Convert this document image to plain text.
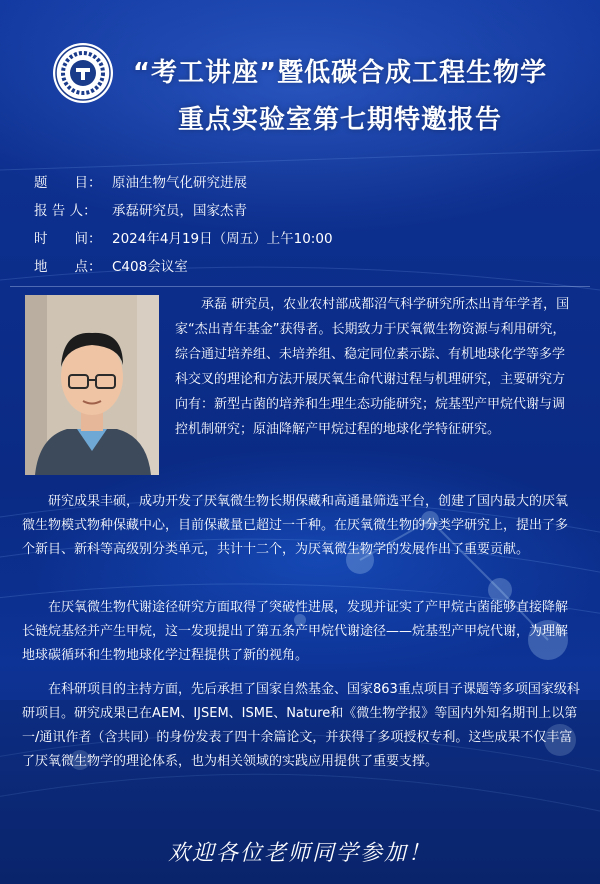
“考工讲座”暨低碳合成工程生物学
重点实验室第七期特邀报告
题　　目： 原油生物气化研究进展
报 告 人： 承磊研究员，国家杰青
时　　间： 2024年4月19日（周五）上午10:00
地　　点： C408会议室

　　承磊 研究员，农业农村部成都沼气科学研究所杰出青年学者，国家“杰出青年基金”获得者。长期致力于厌氧微生物资源与利用研究，综合通过培养组、未培养组、稳定同位素示踪、有机地球化学等多学科交叉的理论和方法开展厌氧生命代谢过程与机理研究，主要研究方向有：新型古菌的培养和生理生态功能研究；烷基型产甲烷代谢与调控机制研究；原油降解产甲烷过程的地球化学特征研究。

　　研究成果丰硕，成功开发了厌氧微生物长期保藏和高通量筛选平台，创建了国内最大的厌氧微生物模式物种保藏中心，目前保藏量已超过一千种。在厌氧微生物的分类学研究上，提出了多个新目、新科等高级别分类单元，共计十二个，为厌氧微生物学的发展作出了重要贡献。

　　在厌氧微生物代谢途径研究方面取得了突破性进展，发现并证实了产甲烷古菌能够直接降解长链烷基烃并产生甲烷，这一发现提出了第五条产甲烷代谢途径——烷基型产甲烷代谢，为理解地球碳循环和生物地球化学过程提供了新的视角。

　　在科研项目的主持方面，先后承担了国家自然基金、国家863重点项目子课题等多项国家级科研项目。研究成果已在AEM、IJSEM、ISME、Nature和《微生物学报》等国内外知名期刊上以第一/通讯作者（含共同）的身份发表了四十余篇论文，并获得了多项授权专利。这些成果不仅丰富了厌氧微生物学的理论体系，也为相关领域的实践应用提供了重要支撑。

欢迎各位老师同学参加！
